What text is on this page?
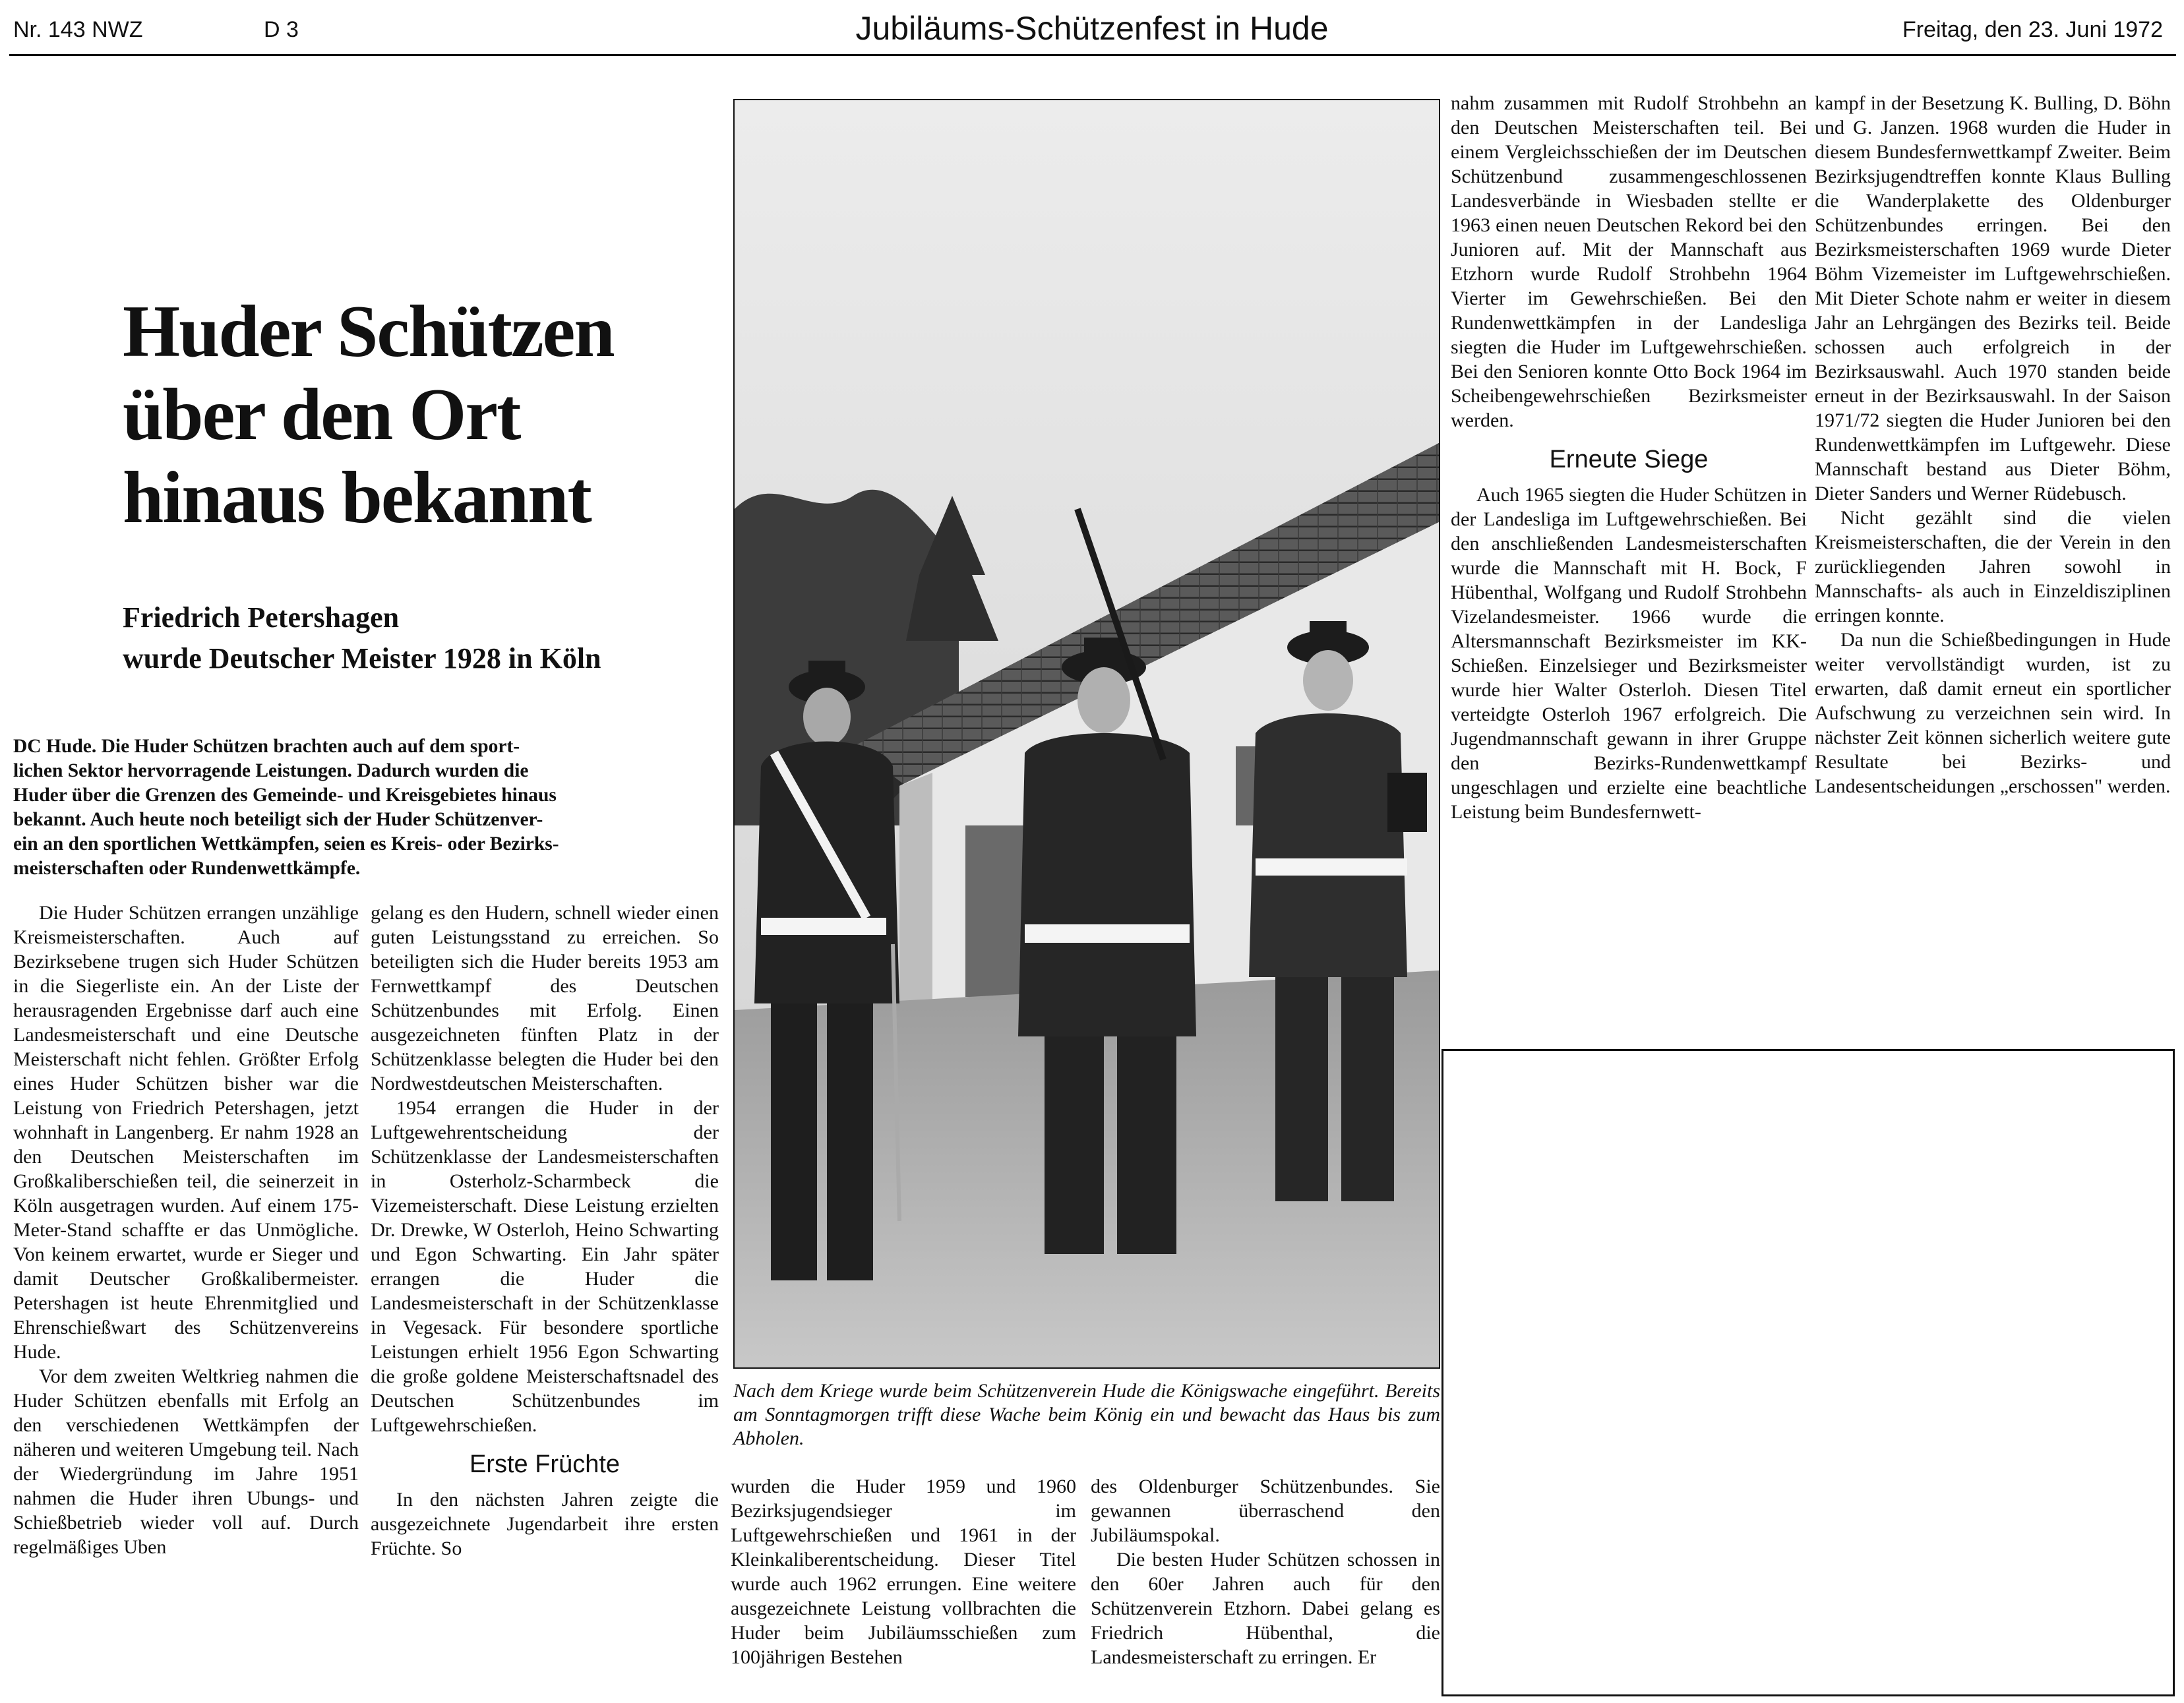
Nr. 143 NWZ	D 3	Jubiläums-Schützenfest in Hude	Freitag, den 23. Juni 1972
Huder Schützen
über den Ort
hinaus bekannt
Friedrich Petershagen
wurde Deutscher Meister 1928 in Köln
DC Hude. Die Huder Schützen brachten auch auf dem sport-
lichen Sektor hervorragende Leistungen. Dadurch wurden die
Huder über die Grenzen des Gemeinde- und Kreisgebietes hinaus
bekannt. Auch heute noch beteiligt sich der Huder Schützenver-
ein an den sportlichen Wettkämpfen, seien es Kreis- oder Bezirks-
meisterschaften oder Rundenwettkämpfe.

Die Huder Schützen errangen unzählige Kreismeisterschaften. Auch auf Bezirksebene trugen sich Huder Schützen in die Siegerliste ein. An der Liste der herausragenden Ergebnisse darf auch eine Landesmeisterschaft und eine Deutsche Meisterschaft nicht fehlen. Größter Erfolg eines Huder Schützen bisher war die Leistung von Friedrich Petershagen, jetzt wohnhaft in Langenberg. Er nahm 1928 an den Deutschen Meisterschaften im Großkaliberschießen teil, die seinerzeit in Köln ausgetragen wurden. Auf einem 175-Meter-Stand schaffte er das Unmögliche. Von keinem erwartet, wurde er Sieger und damit Deutscher Großkalibermeister. Petershagen ist heute Ehrenmitglied und Ehrenschießwart des Schützenvereins Hude.

Vor dem zweiten Weltkrieg nahmen die Huder Schützen ebenfalls mit Erfolg an den verschiedenen Wettkämpfen der näheren und weiteren Umgebung teil. Nach der Wiedergründung im Jahre 1951 nahmen die Huder ihren Ubungs- und Schießbetrieb wieder voll auf. Durch regelmäßiges Uben

gelang es den Hudern, schnell wieder einen guten Leistungsstand zu erreichen. So beteiligten sich die Huder bereits 1953 am Fernwettkampf des Deutschen Schützenbundes mit Erfolg. Einen ausgezeichneten fünften Platz in der Schützenklasse belegten die Huder bei den Nordwestdeutschen Meisterschaften.

1954 errangen die Huder in der Luftgewehrentscheidung der Schützenklasse der Landesmeisterschaften in Osterholz-Scharmbeck die Vizemeisterschaft. Diese Leistung erzielten Dr. Drewke, W Osterloh, Heino Schwarting und Egon Schwarting. Ein Jahr später errangen die Huder die Landesmeisterschaft in der Schützenklasse in Vegesack. Für besondere sportliche Leistungen erhielt 1956 Egon Schwarting die große goldene Meisterschaftsnadel des Deutschen Schützenbundes im Luftgewehrschießen.

Erste Früchte

In den nächsten Jahren zeigte die ausgezeichnete Jugendarbeit ihre ersten Früchte. So

Nach dem Kriege wurde beim Schützenverein Hude die Königswache eingeführt. Bereits am Sonntagmorgen trifft diese Wache beim König ein und bewacht das Haus bis zum Abholen.

wurden die Huder 1959 und 1960 Bezirksjugendsieger im Luftgewehrschießen und 1961 in der Kleinkaliberentscheidung. Dieser Titel wurde auch 1962 errungen. Eine weitere ausgezeichnete Leistung vollbrachten die Huder beim Jubiläumsschießen zum 100jährigen Bestehen

des Oldenburger Schützenbundes. Sie gewannen überraschend den Jubiläumspokal.

Die besten Huder Schützen schossen in den 60er Jahren auch für den Schützenverein Etzhorn. Dabei gelang es Friedrich Hübenthal, die Landesmeisterschaft zu erringen. Er

nahm zusammen mit Rudolf Strohbehn an den Deutschen Meisterschaften teil. Bei einem Vergleichsschießen der im Deutschen Schützenbund zusammengeschlossenen Landesverbände in Wiesbaden stellte er 1963 einen neuen Deutschen Rekord bei den Junioren auf. Mit der Mannschaft aus Etzhorn wurde Rudolf Strohbehn 1964 Vierter im Gewehrschießen. Bei den Rundenwettkämpfen in der Landesliga siegten die Huder im Luftgewehrschießen. Bei den Senioren konnte Otto Bock 1964 im Scheibengewehrschießen Bezirksmeister werden.

Erneute Siege

Auch 1965 siegten die Huder Schützen in der Landesliga im Luftgewehrschießen. Bei den anschließenden Landesmeisterschaften wurde die Mannschaft mit H. Bock, F Hübenthal, Wolfgang und Rudolf Strohbehn Vizelandesmeister. 1966 wurde die Altersmannschaft Bezirksmeister im KK-Schießen. Einzelsieger und Bezirksmeister wurde hier Walter Osterloh. Diesen Titel verteidgte Osterloh 1967 erfolgreich. Die Jugendmannschaft gewann in ihrer Gruppe den Bezirks-Rundenwettkampf ungeschlagen und erzielte eine beachtliche Leistung beim Bundesfernwett-

kampf in der Besetzung K. Bulling, D. Böhn und G. Janzen. 1968 wurden die Huder in diesem Bundesfernwettkampf Zweiter. Beim Bezirksjugendtreffen konnte Klaus Bulling die Wanderplakette des Oldenburger Schützenbundes erringen. Bei den Bezirksmeisterschaften 1969 wurde Dieter Böhm Vizemeister im Luftgewehrschießen. Mit Dieter Schote nahm er weiter in diesem Jahr an Lehrgängen des Bezirks teil. Beide schossen auch erfolgreich in der Bezirksauswahl. Auch 1970 standen beide erneut in der Bezirksauswahl. In der Saison 1971/72 siegten die Huder Junioren bei den Rundenwettkämpfen im Luftgewehr. Diese Mannschaft bestand aus Dieter Böhm, Dieter Sanders und Werner Rüdebusch.

Nicht gezählt sind die vielen Kreismeisterschaften, die der Verein in den zurückliegenden Jahren sowohl in Mannschafts- als auch in Einzeldisziplinen erringen konnte.

Da nun die Schießbedingungen in Hude weiter vervollständigt wurden, ist zu erwarten, daß damit erneut ein sportlicher Aufschwung zu verzeichnen sein wird. In nächster Zeit können sicherlich weitere gute Resultate bei Bezirks- und Landesentscheidungen „erschossen" werden.
